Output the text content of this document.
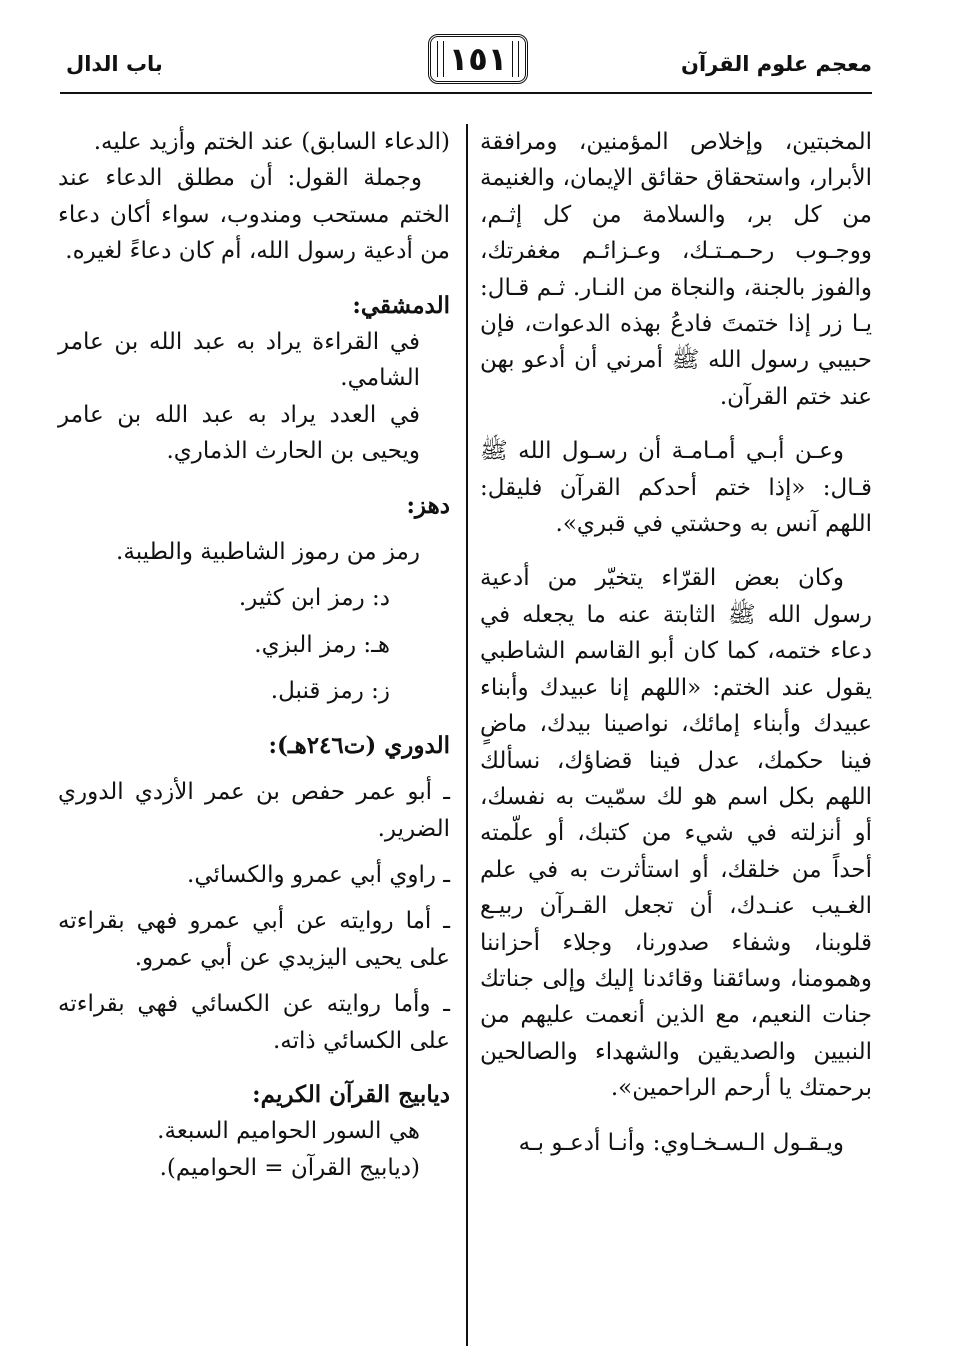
معجم علوم القرآن
١٥١
باب الدال

المخبتين، وإخلاص المؤمنين، ومرافقة الأبرار، واستحقاق حقائق الإيمان، والغنيمة من كل بر، والسلامة من كل إثـم، ووجـوب رحـمـتـك، وعـزائـم مغفرتك، والفوز بالجنة، والنجاة من النـار. ثـم قـال: يـا زر إذا ختمتَ فادعُ بهذه الدعوات، فإن حبيبي رسول الله ﷺ أمرني أن أدعو بهن عند ختم القرآن.

وعـن أبـي أمـامـة أن رسـول الله ﷺ قـال: «إذا ختم أحدكم القرآن فليقل: اللهم آنس به وحشتي في قبري».

وكان بعض القرّاء يتخيّر من أدعية رسول الله ﷺ الثابتة عنه ما يجعله في دعاء ختمه، كما كان أبو القاسم الشاطبي يقول عند الختم: «اللهم إنا عبيدك وأبناء عبيدك وأبناء إمائك، نواصينا بيدك، ماضٍ فينا حكمك، عدل فينا قضاؤك، نسألك اللهم بكل اسم هو لك سمّيت به نفسك، أو أنزلته في شيء من كتبك، أو علّمته أحداً من خلقك، أو استأثرت به في علم الغـيب عنـدك، أن تجعل القـرآن ربيـع قلوبنا، وشفاء صدورنا، وجلاء أحزاننا وهمومنا، وسائقنا وقائدنا إليك وإلى جناتك جنات النعيم، مع الذين أنعمت عليهم من النبيين والصديقين والشهداء والصالحين برحمتك يا أرحم الراحمين».

ويـقـول الـسـخـاوي: وأنـا أدعـو بـه

(الدعاء السابق) عند الختم وأزيد عليه.

وجملة القول: أن مطلق الدعاء عند الختم مستحب ومندوب، سواء أكان دعاء من أدعية رسول الله، أم كان دعاءً لغيره.

الدمشقي:

في القراءة يراد به عبد الله بن عامر الشامي.

في العدد يراد به عبد الله بن عامر ويحيى بن الحارث الذماري.

دهز:

رمز من رموز الشاطبية والطيبة.

د: رمز ابن كثير.

هـ: رمز البزي.

ز: رمز قنبل.

الدوري (ت٢٤٦هـ):

ـ أبو عمر حفص بن عمر الأزدي الدوري الضرير.

ـ راوي أبي عمرو والكسائي.

ـ أما روايته عن أبي عمرو فهي بقراءته على يحيى اليزيدي عن أبي عمرو.

ـ وأما روايته عن الكسائي فهي بقراءته على الكسائي ذاته.

ديابيج القرآن الكريم:

هي السور الحواميم السبعة.

(ديابيج القرآن = الحواميم).
